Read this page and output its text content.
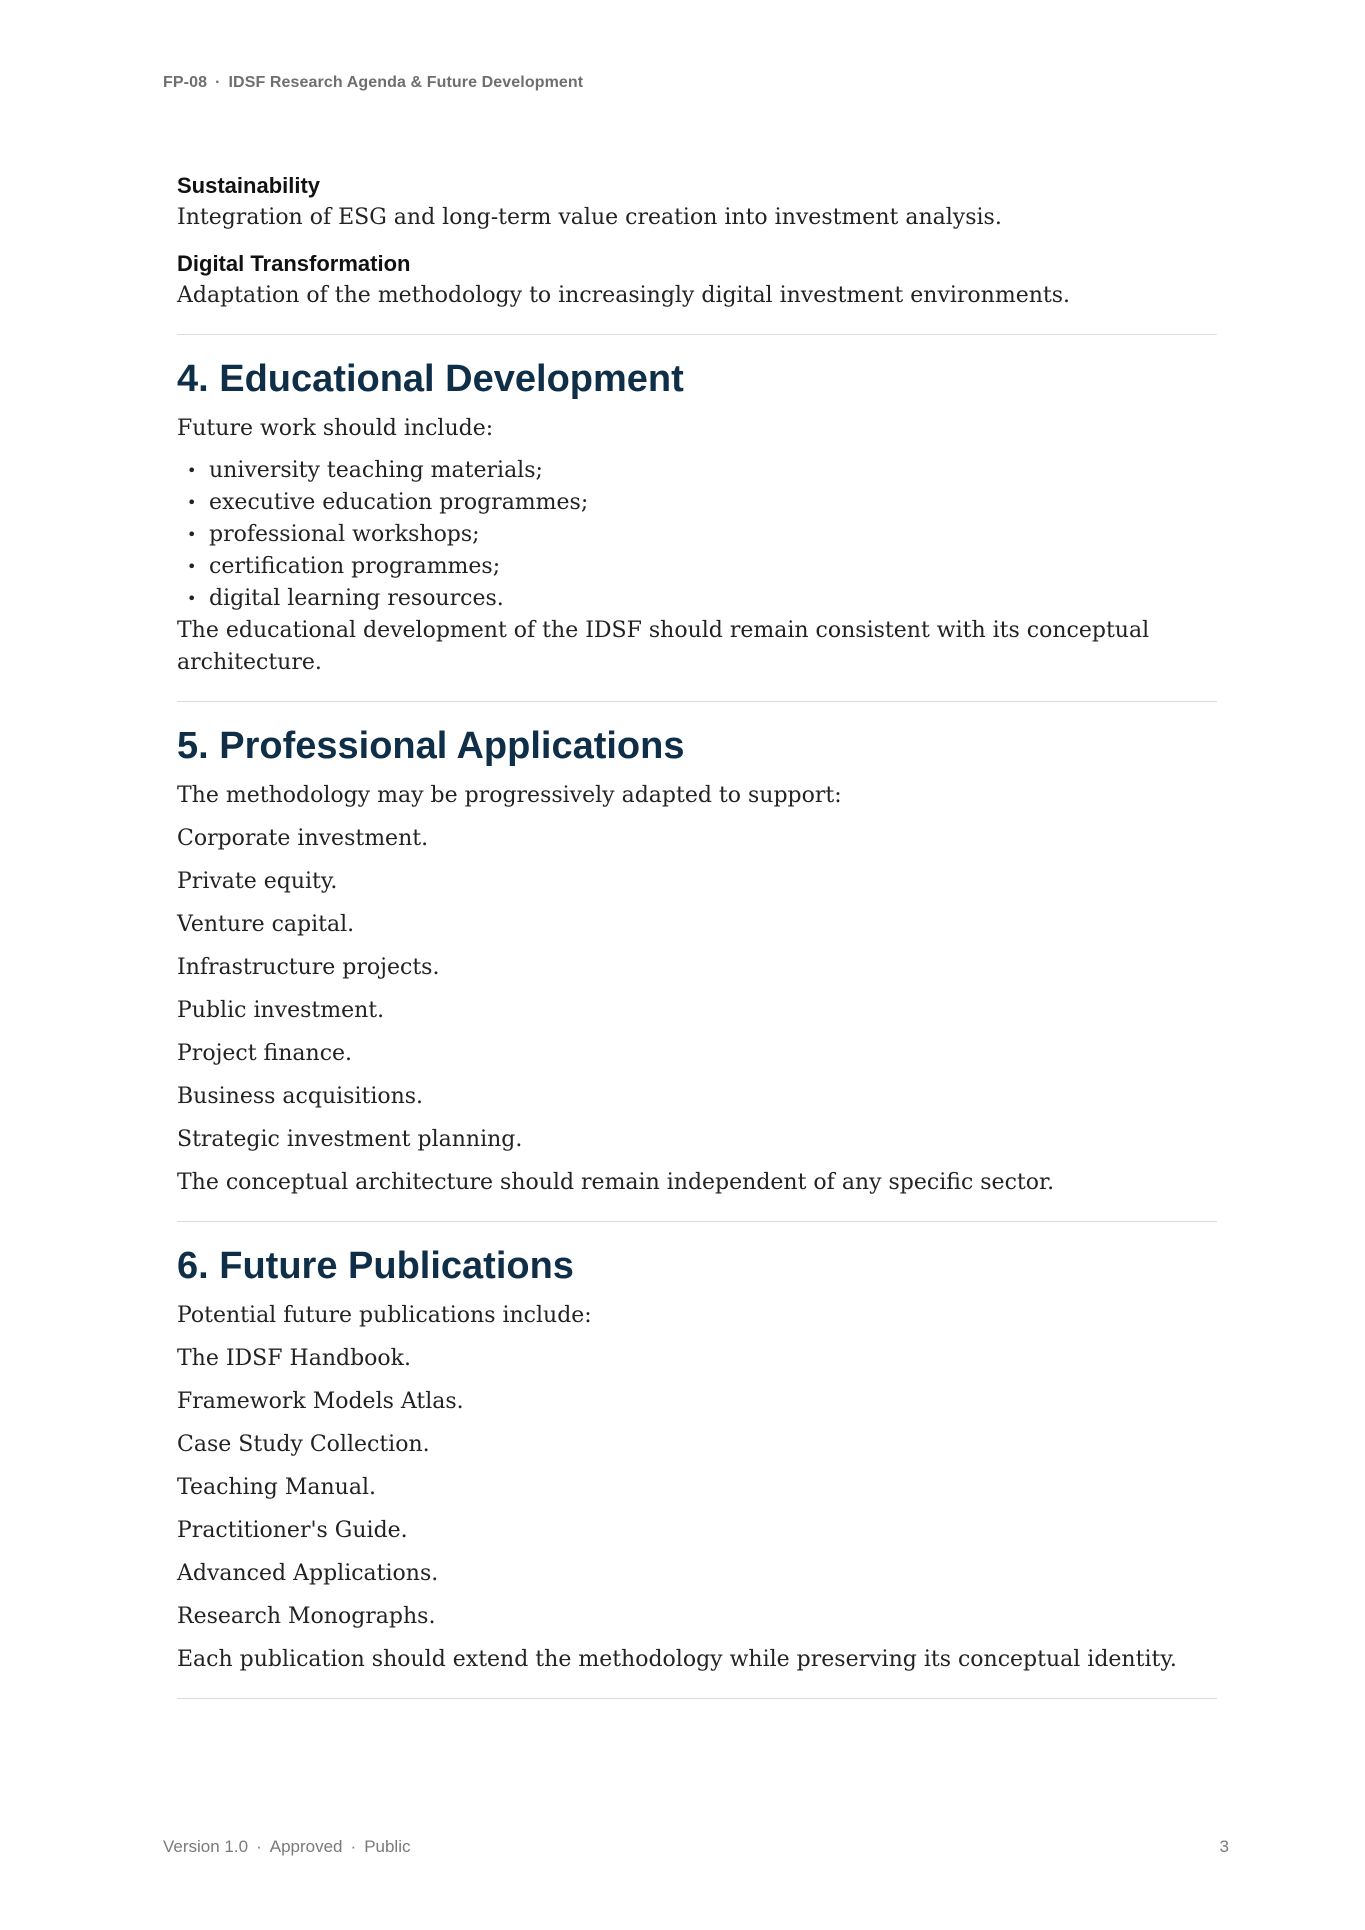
FP-08 · IDSF Research Agenda & Future Development

Sustainability

Integration of ESG and long-term value creation into investment analysis.

Digital Transformation

Adaptation of the methodology to increasingly digital investment environments.

4. Educational Development

Future work should include:

• university teaching materials;
• executive education programmes;
• professional workshops;
• certification programmes;
• digital learning resources.

The educational development of the IDSF should remain consistent with its conceptual architecture.

5. Professional Applications

The methodology may be progressively adapted to support:

Corporate investment.

Private equity.

Venture capital.

Infrastructure projects.

Public investment.

Project finance.

Business acquisitions.

Strategic investment planning.

The conceptual architecture should remain independent of any specific sector.

6. Future Publications

Potential future publications include:

The IDSF Handbook.

Framework Models Atlas.

Case Study Collection.

Teaching Manual.

Practitioner's Guide.

Advanced Applications.

Research Monographs.

Each publication should extend the methodology while preserving its conceptual identity.

Version 1.0 · Approved · Public	3
